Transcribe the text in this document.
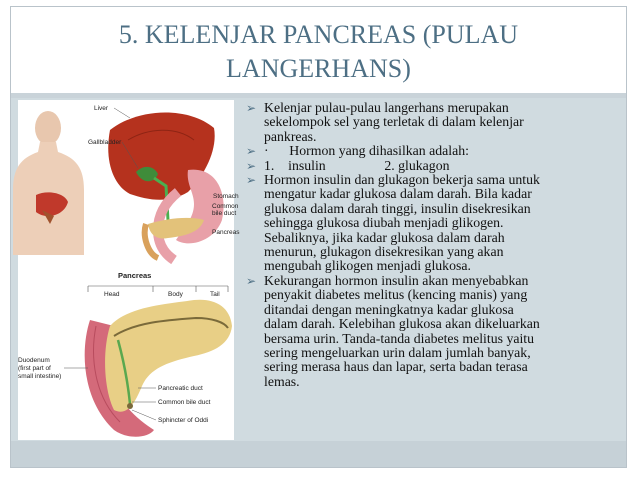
5. KELENJAR PANCREAS (PULAU
LANGERHANS)
Liver
Gallbladder
Stomach
Common
bile duct
Pancreas
Pancreas
Head	Body	Tail
Duodenum
(first part of
small intestine)
Pancreatic duct
Common bile duct
Sphincter of Oddi
➢ Kelenjar pulau-pulau langerhans merupakan
sekelompok sel yang terletak di dalam kelenjar
pankreas.
➢ ·      Hormon yang dihasilkan adalah:
➢ 1.    insulin                 2. glukagon
➢ Hormon insulin dan glukagon bekerja sama untuk
mengatur kadar glukosa dalam darah. Bila kadar
glukosa dalam darah tinggi, insulin disekresikan
sehingga glukosa diubah menjadi glikogen.
Sebaliknya, jika kadar glukosa dalam darah
menurun, glukagon disekresikan yang akan
mengubah glikogen menjadi glukosa.
➢ Kekurangan hormon insulin akan menyebabkan
penyakit diabetes melitus (kencing manis) yang
ditandai dengan meningkatnya kadar glukosa
dalam darah. Kelebihan glukosa akan dikeluarkan
bersama urin. Tanda-tanda diabetes melitus yaitu
sering mengeluarkan urin dalam jumlah banyak,
sering merasa haus dan lapar, serta badan terasa
lemas.
